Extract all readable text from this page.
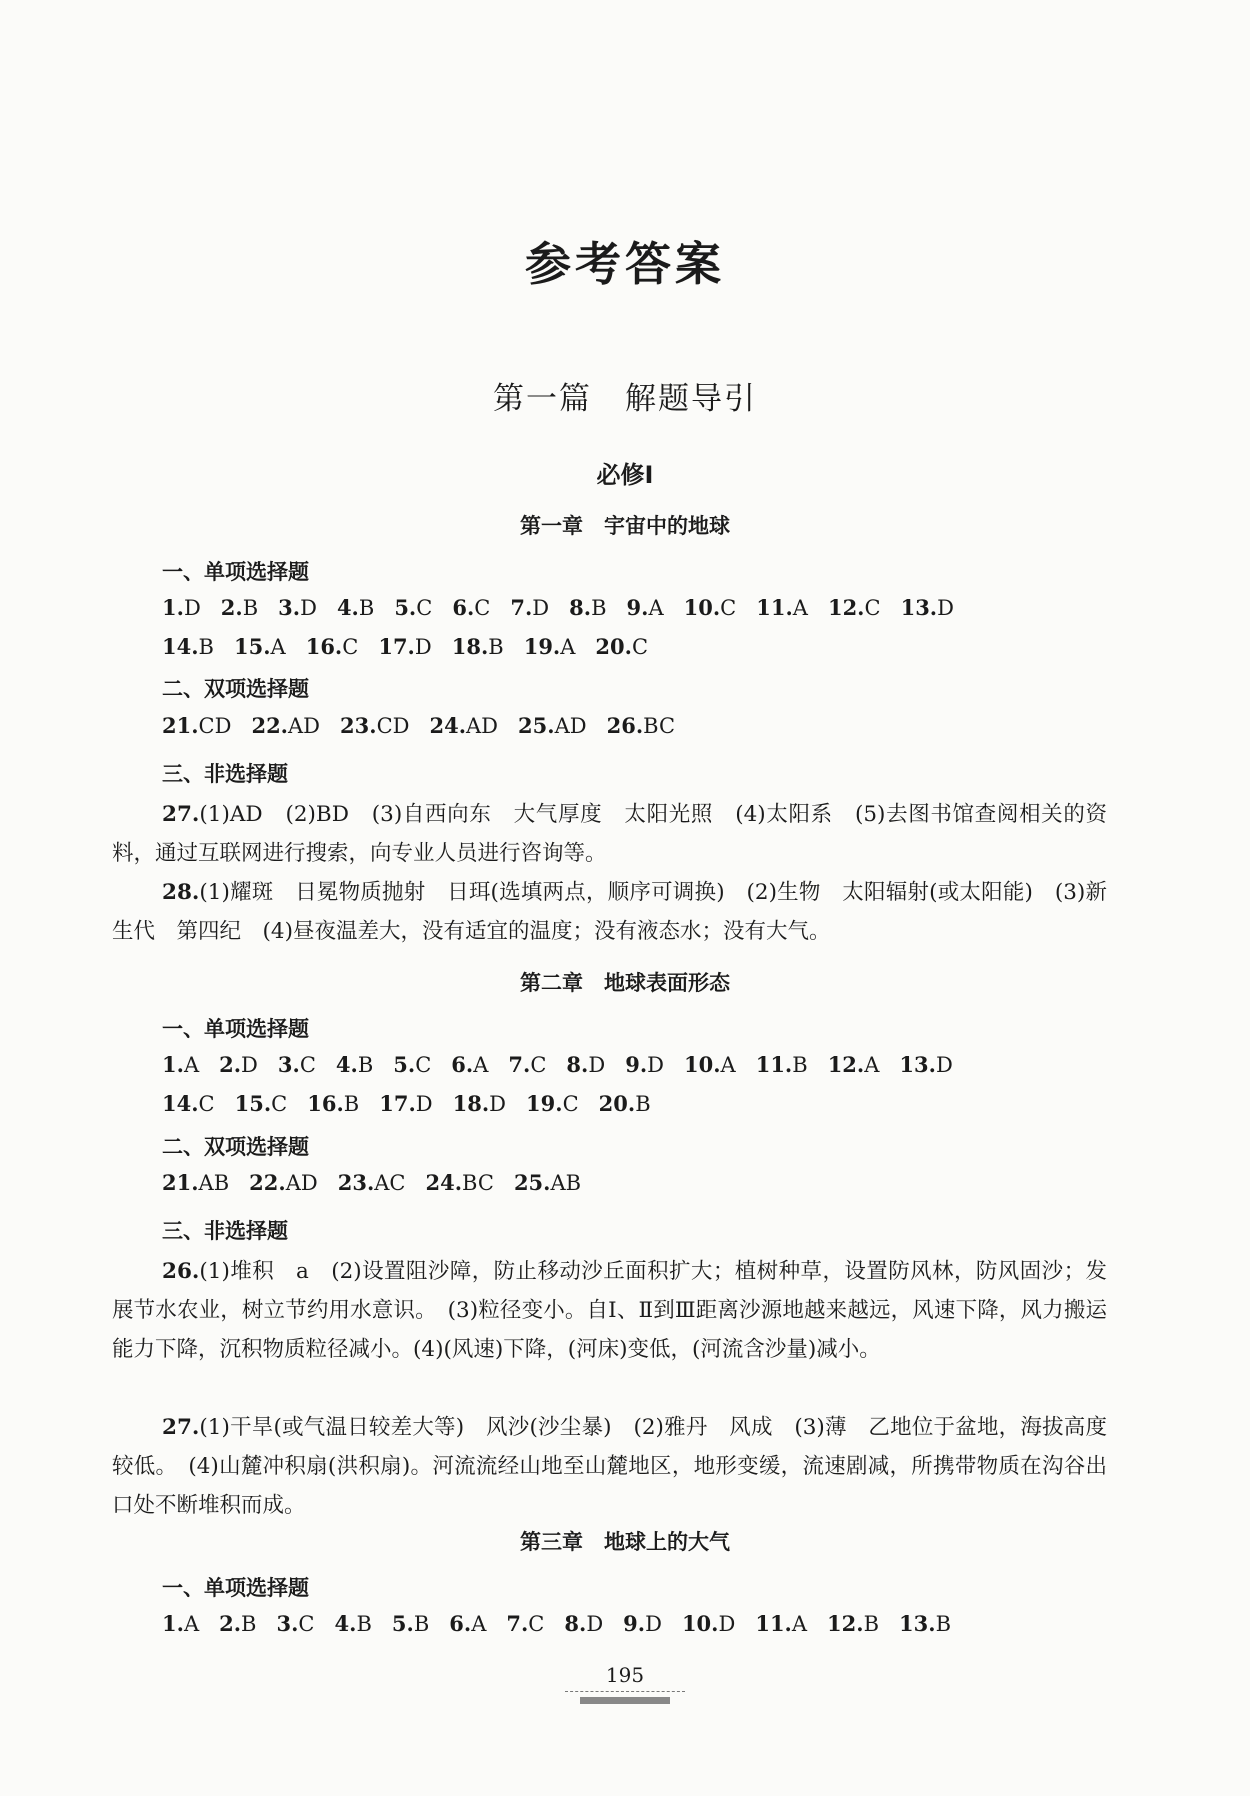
参考答案
第一篇　解题导引
必修Ⅰ
第一章　宇宙中的地球
一、单项选择题
1.D 2.B 3.D 4.B 5.C 6.C 7.D 8.B 9.A 10.C 11.A 12.C 13.D
14.B 15.A 16.C 17.D 18.B 19.A 20.C
二、双项选择题
21.CD 22.AD 23.CD 24.AD 25.AD 26.BC
三、非选择题
27.(1)AD　(2)BD　(3)自西向东　大气厚度　太阳光照　(4)太阳系　(5)去图书馆查阅相关的资料，通过互联网进行搜索，向专业人员进行咨询等。
28.(1)耀斑　日冕物质抛射　日珥(选填两点，顺序可调换)　(2)生物　太阳辐射(或太阳能)　(3)新生代　第四纪　(4)昼夜温差大，没有适宜的温度；没有液态水；没有大气。
第二章　地球表面形态
一、单项选择题
1.A 2.D 3.C 4.B 5.C 6.A 7.C 8.D 9.D 10.A 11.B 12.A 13.D
14.C 15.C 16.B 17.D 18.D 19.C 20.B
二、双项选择题
21.AB 22.AD 23.AC 24.BC 25.AB
三、非选择题
26.(1)堆积　a　(2)设置阻沙障，防止移动沙丘面积扩大；植树种草，设置防风林，防风固沙；发展节水农业，树立节约用水意识。　(3)粒径变小。自Ⅰ、Ⅱ到Ⅲ距离沙源地越来越远，风速下降，风力搬运能力下降，沉积物质粒径减小。(4)(风速)下降，(河床)变低，(河流含沙量)减小。
27.(1)干旱(或气温日较差大等)　风沙(沙尘暴)　(2)雅丹　风成　(3)薄　乙地位于盆地，海拔高度较低。　(4)山麓冲积扇(洪积扇)。河流流经山地至山麓地区，地形变缓，流速剧减，所携带物质在沟谷出口处不断堆积而成。
第三章　地球上的大气
一、单项选择题
1.A 2.B 3.C 4.B 5.B 6.A 7.C 8.D 9.D 10.D 11.A 12.B 13.B
195
